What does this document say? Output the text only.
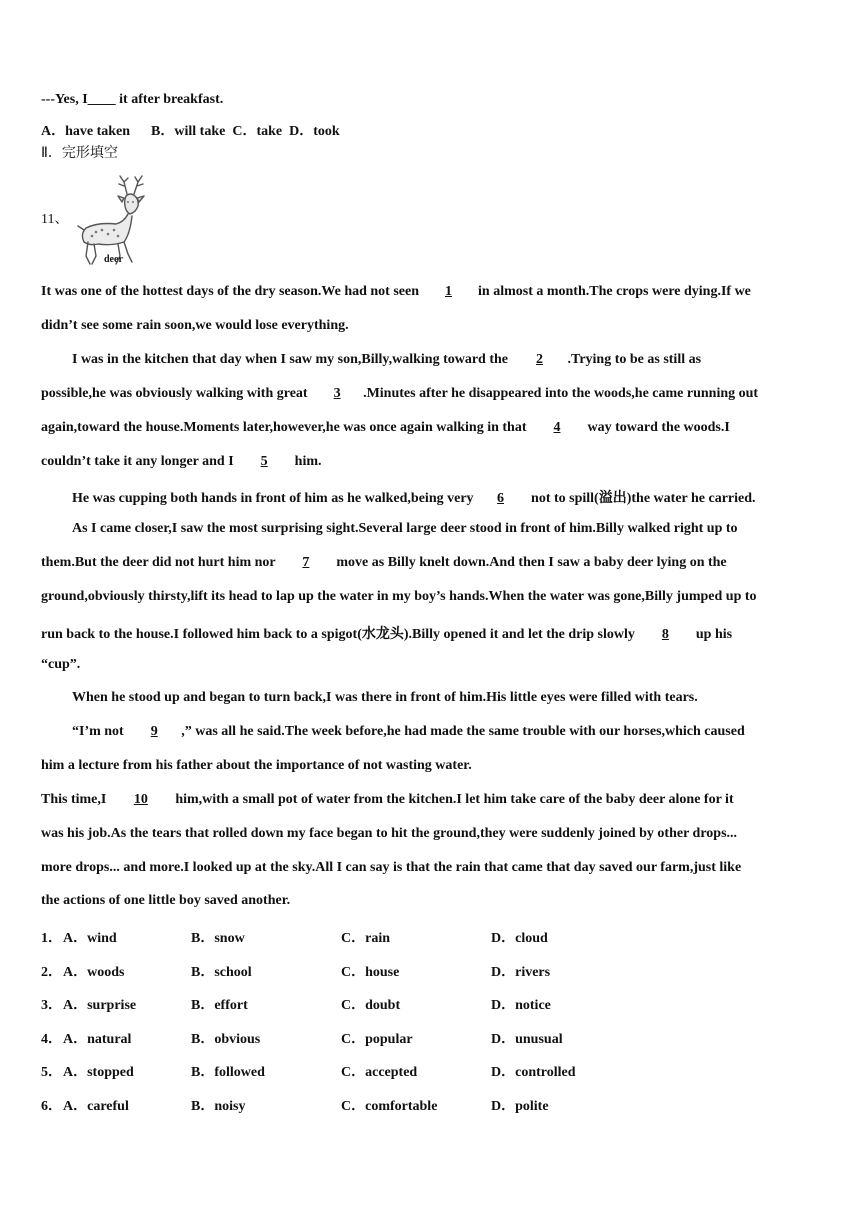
---Yes, I____ it after breakfast.
A．have taken      B．will take  C．take  D．took
Ⅱ．完形填空
11、
deer
It was one of the hottest days of the dry season.We had not seen 1 in almost a month.The crops were dying.If we
didn’t see some rain soon,we would lose everything.
I was in the kitchen that day when I saw my son,Billy,walking toward the 2 .Trying to be as still as
possible,he was obviously walking with great 3 .Minutes after he disappeared into the woods,he came running out
again,toward the house.Moments later,however,he was once again walking in that 4 way toward the woods.I
couldn’t take it any longer and I 5 him.
He was cupping both hands in front of him as he walked,being very 6 not to spill(溢出)the water he carried.
As I came closer,I saw the most surprising sight.Several large deer stood in front of him.Billy walked right up to
them.But the deer did not hurt him nor 7 move as Billy knelt down.And then I saw a baby deer lying on the
ground,obviously thirsty,lift its head to lap up the water in my boy’s hands.When the water was gone,Billy jumped up to
run back to the house.I followed him back to a spigot(水龙头).Billy opened it and let the drip slowly 8 up his
“cup”.
When he stood up and began to turn back,I was there in front of him.His little eyes were filled with tears.
“I’m not 9 ,” was all he said.The week before,he had made the same trouble with our horses,which caused
him a lecture from his father about the importance of not wasting water.
This time,I 10 him,with a small pot of water from the kitchen.I let him take care of the baby deer alone for it
was his job.As the tears that rolled down my face began to hit the ground,they were suddenly joined by other drops...
more drops... and more.I looked up at the sky.All I can say is that the rain that came that day saved our farm,just like
the actions of one little boy saved another.
1． A．wind	B．snow	C．rain	D．cloud
2． A．woods	B．school	C．house	D．rivers
3． A．surprise	B．effort	C．doubt	D．notice
4． A．natural	B．obvious	C．popular	D．unusual
5． A．stopped	B．followed	C．accepted	D．controlled
6． A．careful	B．noisy	C．comfortable	D．polite
